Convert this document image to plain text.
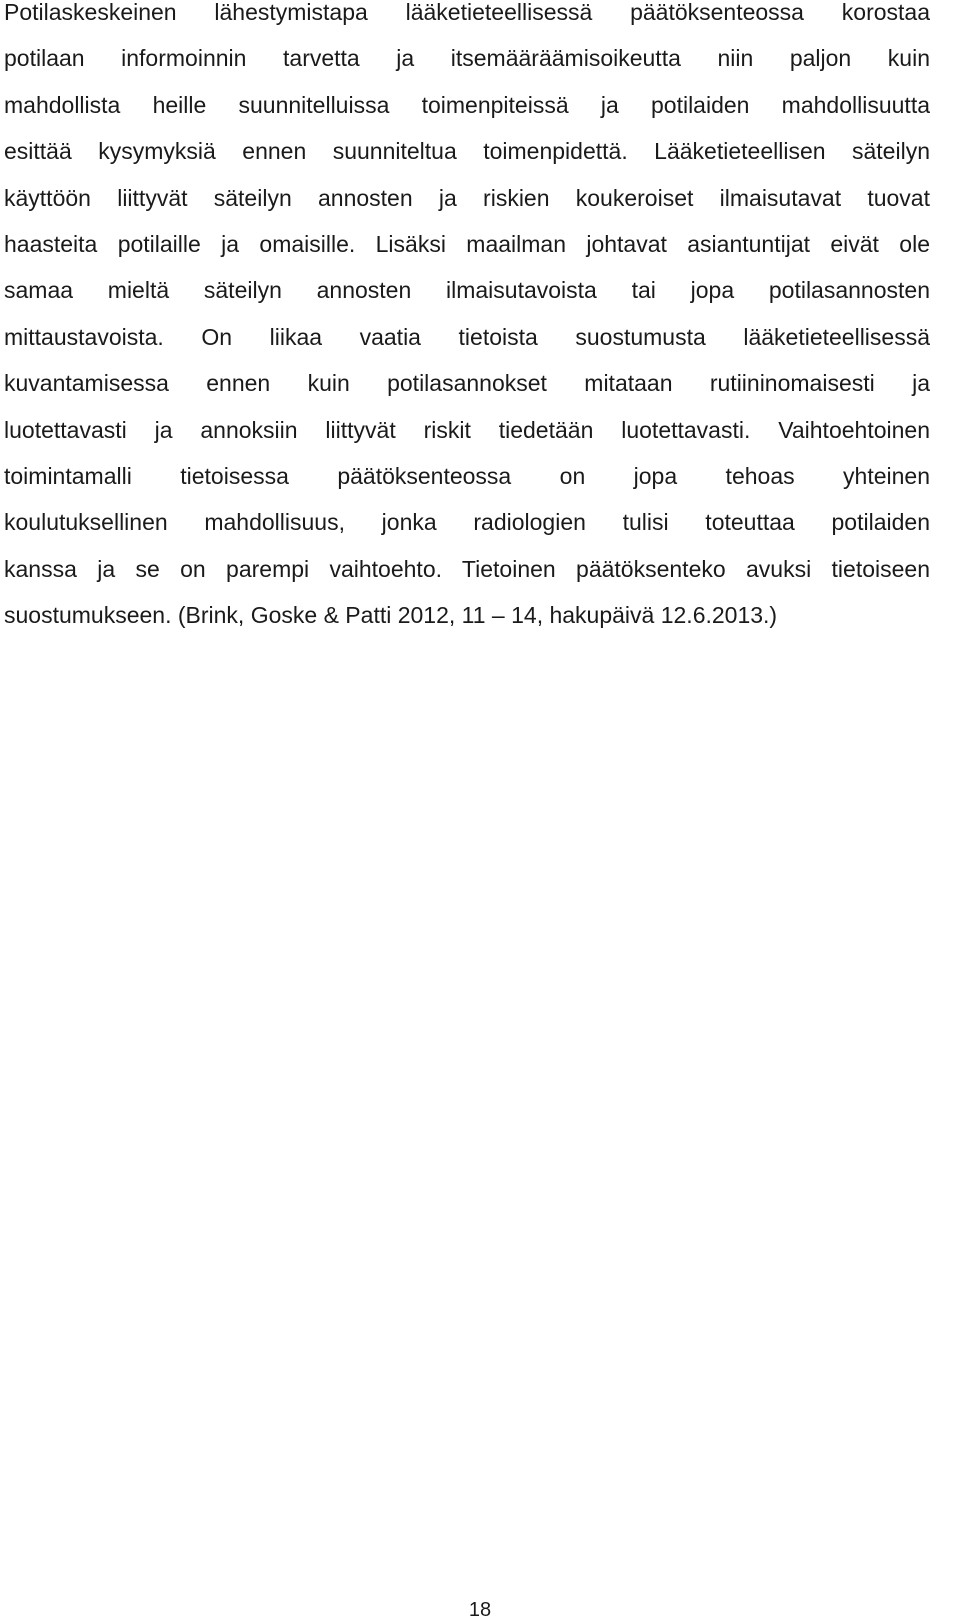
Potilaskeskeinen lähestymistapa lääketieteellisessä päätöksenteossa korostaa
potilaan informoinnin tarvetta ja itsemääräämisoikeutta niin paljon kuin
mahdollista heille suunnitelluissa toimenpiteissä ja potilaiden mahdollisuutta
esittää kysymyksiä ennen suunniteltua toimenpidettä. Lääketieteellisen säteilyn
käyttöön liittyvät säteilyn annosten ja riskien koukeroiset ilmaisutavat tuovat
haasteita potilaille ja omaisille. Lisäksi maailman johtavat asiantuntijat eivät ole
samaa mieltä säteilyn annosten ilmaisutavoista tai jopa potilasannosten
mittaustavoista. On liikaa vaatia tietoista suostumusta lääketieteellisessä
kuvantamisessa ennen kuin potilasannokset mitataan rutiininomaisesti ja
luotettavasti ja annoksiin liittyvät riskit tiedetään luotettavasti. Vaihtoehtoinen
toimintamalli tietoisessa päätöksenteossa on jopa tehoas yhteinen
koulutuksellinen mahdollisuus, jonka radiologien tulisi toteuttaa potilaiden
kanssa ja se on parempi vaihtoehto. Tietoinen päätöksenteko avuksi tietoiseen
suostumukseen. (Brink, Goske & Patti 2012, 11 – 14, hakupäivä 12.6.2013.)
18
